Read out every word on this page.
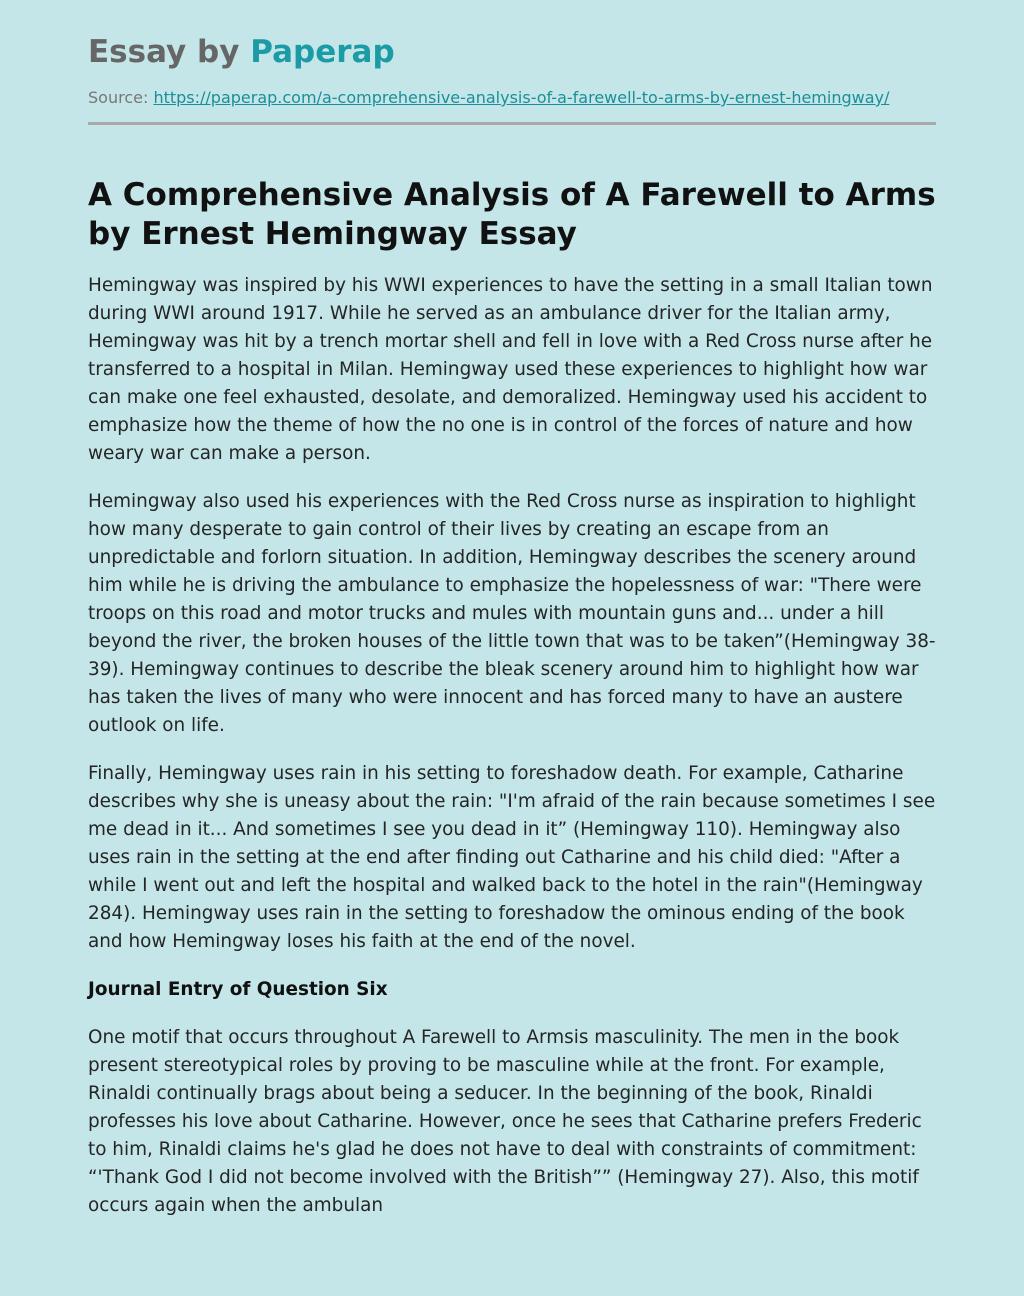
Essay by Paperap
Source: https://paperap.com/a-comprehensive-analysis-of-a-farewell-to-arms-by-ernest-hemingway/
A Comprehensive Analysis of A Farewell to Arms by Ernest Hemingway Essay

Hemingway was inspired by his WWI experiences to have the setting in a small Italian town during WWI around 1917. While he served as an ambulance driver for the Italian army, Hemingway was hit by a trench mortar shell and fell in love with a Red Cross nurse after he transferred to a hospital in Milan. Hemingway used these experiences to highlight how war can make one feel exhausted, desolate, and demoralized. Hemingway used his accident to emphasize how the theme of how the no one is in control of the forces of nature and how weary war can make a person.

Hemingway also used his experiences with the Red Cross nurse as inspiration to highlight how many desperate to gain control of their lives by creating an escape from an unpredictable and forlorn situation. In addition, Hemingway describes the scenery around him while he is driving the ambulance to emphasize the hopelessness of war: "There were troops on this road and motor trucks and mules with mountain guns and... under a hill beyond the river, the broken houses of the little town that was to be taken”(Hemingway 38-39). Hemingway continues to describe the bleak scenery around him to highlight how war has taken the lives of many who were innocent and has forced many to have an austere outlook on life.

Finally, Hemingway uses rain in his setting to foreshadow death. For example, Catharine describes why she is uneasy about the rain: "I'm afraid of the rain because sometimes I see me dead in it... And sometimes I see you dead in it” (Hemingway 110). Hemingway also uses rain in the setting at the end after finding out Catharine and his child died: "After a while I went out and left the hospital and walked back to the hotel in the rain"(Hemingway 284). Hemingway uses rain in the setting to foreshadow the ominous ending of the book and how Hemingway loses his faith at the end of the novel.

Journal Entry of Question Six

One motif that occurs throughout A Farewell to Armsis masculinity. The men in the book present stereotypical roles by proving to be masculine while at the front. For example, Rinaldi continually brags about being a seducer. In the beginning of the book, Rinaldi professes his love about Catharine. However, once he sees that Catharine prefers Frederic to him, Rinaldi claims he's glad he does not have to deal with constraints of commitment: “'Thank God I did not become involved with the British”” (Hemingway 27). Also, this motif occurs again when the ambulan
